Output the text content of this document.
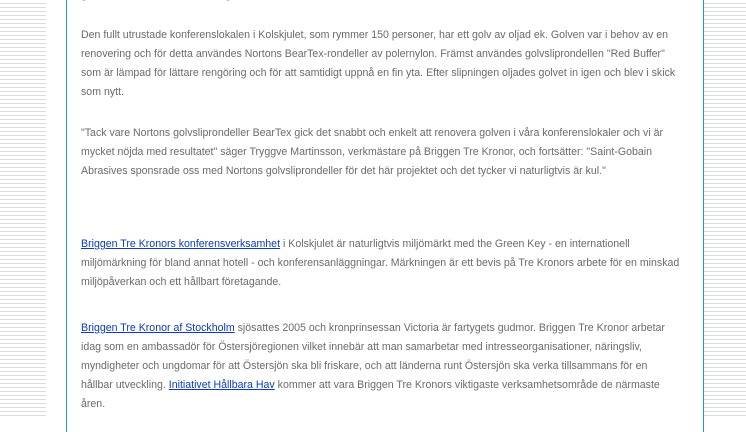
Den fullt utrustade konferenslokalen i Kolskjulet, som rymmer 150 personer, har ett golv av oljad ek. Golven var i behov av en renovering och för detta användes Nortons BearTex-rondeller av polernylon. Främst användes golvsliprondellen "Red Buffer" som är lämpad för lättare rengöring och för att samtidigt uppnå en fin yta. Efter slipningen oljades golvet in igen och blev i skick som nytt.

"Tack vare Nortons golvsliprondeller BearTex gick det snabbt och enkelt att renovera golven i våra konferenslokaler och vi är mycket nöjda med resultatet" säger Tryggve Martinsson, verkmästare på Briggen Tre Kronor, och fortsätter: "Saint-Gobain Abrasives sponsrade oss med Nortons golvsliprondeller för det här projektet och det tycker vi naturligtvis är kul."

Briggen Tre Kronors konferensverksamhet i Kolskjulet är naturligtvis miljömärkt med the Green Key - en internationell miljömärkning för bland annat hotell - och konferensanläggningar. Märkningen är ett bevis på Tre Kronors arbete för en minskad miljöpåverkan och ett hållbart företagande.

Briggen Tre Kronor af Stockholm sjösattes 2005 och kronprinsessan Victoria är fartygets gudmor. Briggen Tre Kronor arbetar idag som en ambassadör för Östersjöregionen vilket innebär att man samarbetar med intresseorganisationer, näringsliv, myndigheter och ungdomar för att Östersjön ska bli friskare, och att länderna runt Östersjön ska verka tillsammans för en hållbar utveckling. Initiativet Hållbara Hav kommer att vara Briggen Tre Kronors viktigaste verksamhetsområde de närmaste åren.
